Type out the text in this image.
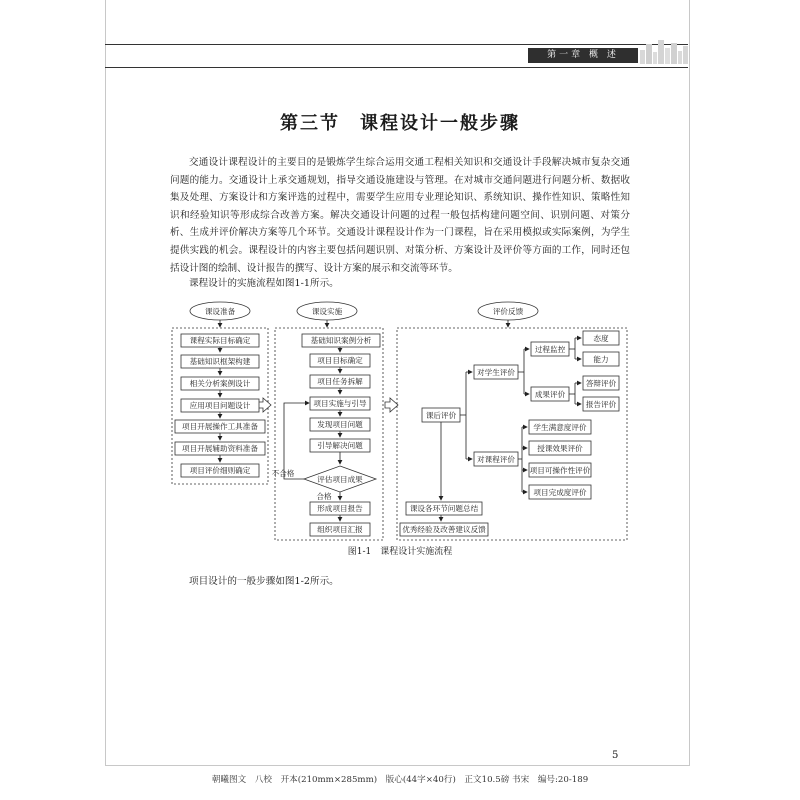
第一章 概 述
第三节　课程设计一般步骤
交通设计课程设计的主要目的是锻炼学生综合运用交通工程相关知识和交通设计手段解决城市复杂交通问题的能力。交通设计上承交通规划，指导交通设施建设与管理。在对城市交通问题进行问题分析、数据收集及处理、方案设计和方案评选的过程中，需要学生应用专业理论知识、系统知识、操作性知识、策略性知识和经验知识等形成综合改善方案。解决交通设计问题的过程一般包括构建问题空间、识别问题、对策分析、生成并评价解决方案等几个环节。交通设计课程设计作为一门课程，旨在采用模拟或实际案例，为学生提供实践的机会。课程设计的内容主要包括问题识别、对策分析、方案设计及评价等方面的工作，同时还包括设计图的绘制、设计报告的撰写、设计方案的展示和交流等环节。
课程设计的实施流程如图1-1所示。
课设准备	课设实施	评价反馈
课程实际目标确定
基础知识框架构建
相关分析案例设计
应用项目问题设计
项目开展操作工具准备
项目开展辅助资料准备
项目评价细则确定
基础知识案例分析
项目目标确定
项目任务拆解
项目实施与引导
发现项目问题
引导解决问题
评估项目成果
不合格
合格
形成项目报告
组织项目汇报
课后评价
对学生评价
对课程评价
过程监控
成果评价
态度
能力
答辩评价
报告评价
学生满意度评价
授课效果评价
项目可操作性评价
项目完成度评价
课设各环节问题总结
优秀经验及改善建议反馈
图1-1　课程设计实施流程
项目设计的一般步骤如图1-2所示。
5
朝曦图文　八校　开本(210mm×285mm)　版心(44字×40行)　正文10.5磅 书宋　编号:20-189
